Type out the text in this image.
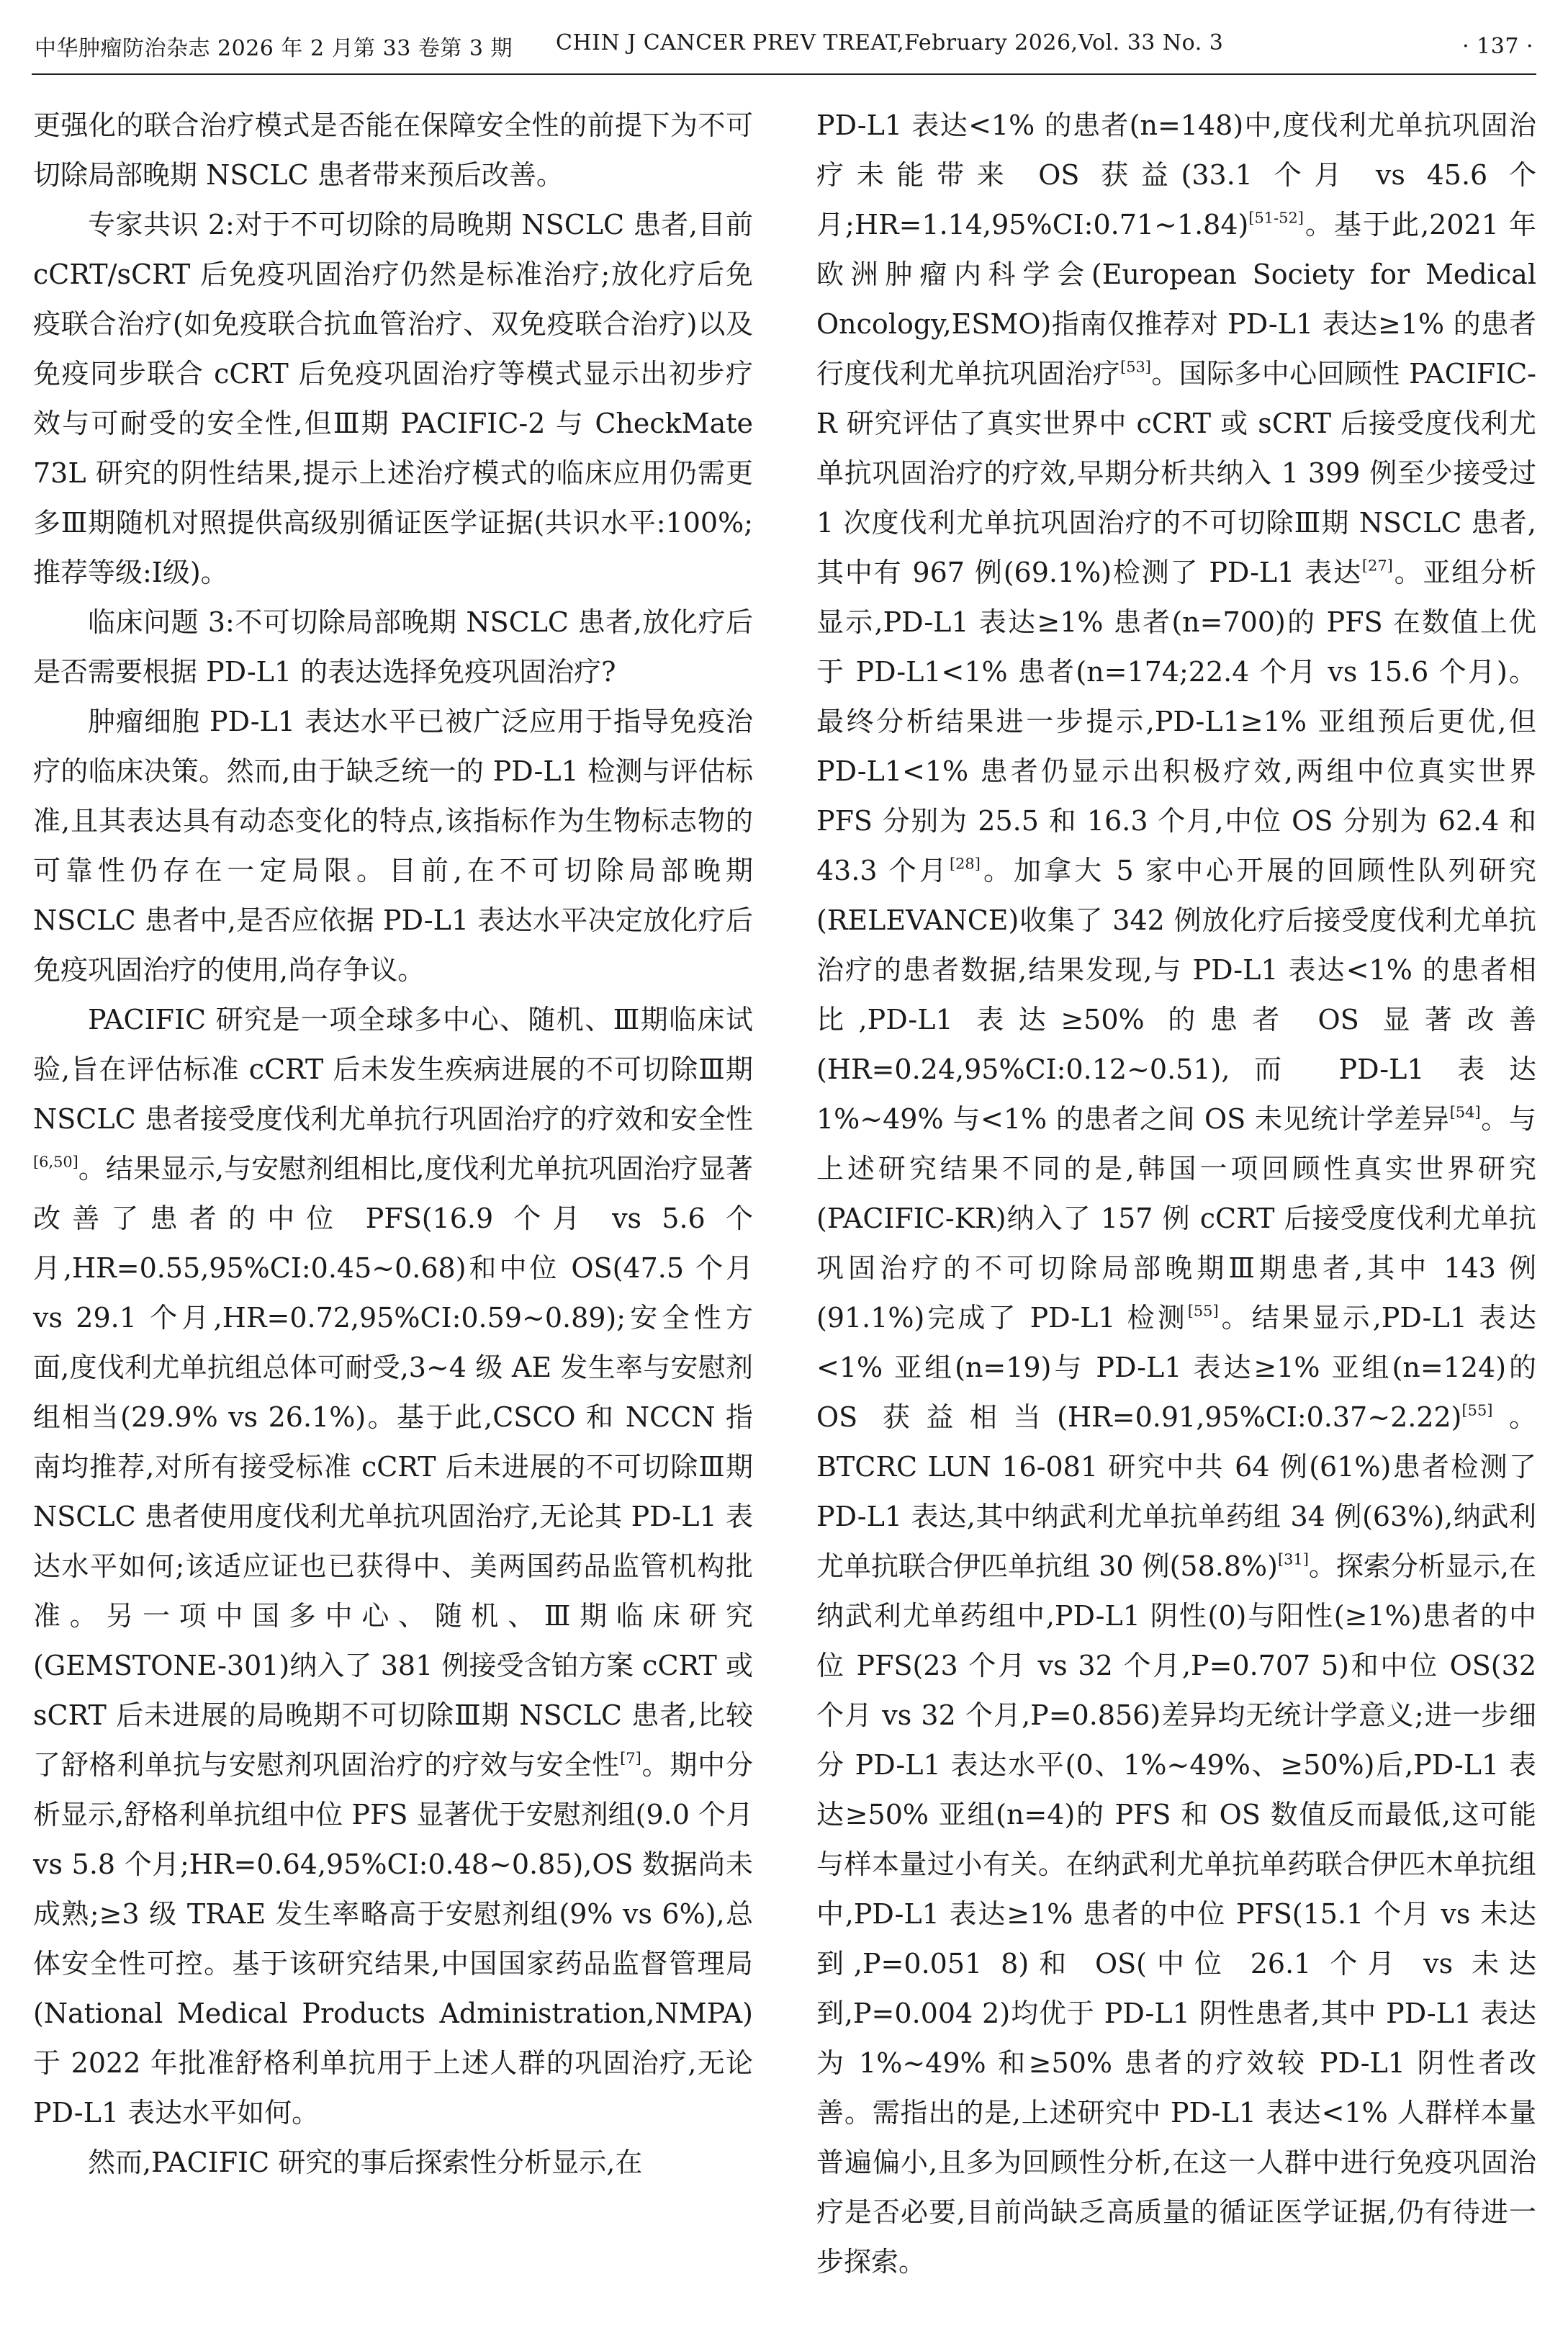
中华肿瘤防治杂志 2026 年 2 月第 33 卷第 3 期 CHIN J CANCER PREV TREAT,February 2026,Vol. 33 No. 3	· 137 ·

更强化的联合治疗模式是否能在保障安全性的前提下为不可切除局部晚期 NSCLC 患者带来预后改善。

专家共识 2:对于不可切除的局晚期 NSCLC 患者,目前 cCRT/sCRT 后免疫巩固治疗仍然是标准治疗;放化疗后免疫联合治疗(如免疫联合抗血管治疗、双免疫联合治疗)以及免疫同步联合 cCRT 后免疫巩固治疗等模式显示出初步疗效与可耐受的安全性,但Ⅲ期 PACIFIC-2 与 CheckMate 73L 研究的阴性结果,提示上述治疗模式的临床应用仍需更多Ⅲ期随机对照提供高级别循证医学证据(共识水平:100%;推荐等级:Ⅰ级)。

临床问题 3:不可切除局部晚期 NSCLC 患者,放化疗后是否需要根据 PD-L1 的表达选择免疫巩固治疗?

肿瘤细胞 PD-L1 表达水平已被广泛应用于指导免疫治疗的临床决策。然而,由于缺乏统一的 PD-L1 检测与评估标准,且其表达具有动态变化的特点,该指标作为生物标志物的可靠性仍存在一定局限。目前,在不可切除局部晚期 NSCLC 患者中,是否应依据 PD-L1 表达水平决定放化疗后免疫巩固治疗的使用,尚存争议。

PACIFIC 研究是一项全球多中心、随机、Ⅲ期临床试验,旨在评估标准 cCRT 后未发生疾病进展的不可切除Ⅲ期 NSCLC 患者接受度伐利尤单抗行巩固治疗的疗效和安全性[6,50]。结果显示,与安慰剂组相比,度伐利尤单抗巩固治疗显著改善了患者的中位 PFS(16.9 个月 vs 5.6 个月,HR=0.55,95%CI:0.45~0.68)和中位 OS(47.5 个月 vs 29.1 个月,HR=0.72,95%CI:0.59~0.89);安全性方面,度伐利尤单抗组总体可耐受,3~4 级 AE 发生率与安慰剂组相当(29.9% vs 26.1%)。基于此,CSCO 和 NCCN 指南均推荐,对所有接受标准 cCRT 后未进展的不可切除Ⅲ期 NSCLC 患者使用度伐利尤单抗巩固治疗,无论其 PD-L1 表达水平如何;该适应证也已获得中、美两国药品监管机构批准。另一项中国多中心、随机、Ⅲ期临床研究(GEMSTONE-301)纳入了 381 例接受含铂方案 cCRT 或 sCRT 后未进展的局晚期不可切除Ⅲ期 NSCLC 患者,比较了舒格利单抗与安慰剂巩固治疗的疗效与安全性[7]。期中分析显示,舒格利单抗组中位 PFS 显著优于安慰剂组(9.0 个月 vs 5.8 个月;HR=0.64,95%CI:0.48~0.85),OS 数据尚未成熟;≥3 级 TRAE 发生率略高于安慰剂组(9% vs 6%),总体安全性可控。基于该研究结果,中国国家药品监督管理局(National Medical Products Administration,NMPA)于 2022 年批准舒格利单抗用于上述人群的巩固治疗,无论 PD-L1 表达水平如何。

然而,PACIFIC 研究的事后探索性分析显示,在

PD-L1 表达<1% 的患者(n=148)中,度伐利尤单抗巩固治疗未能带来 OS 获益(33.1 个月 vs 45.6 个月;HR=1.14,95%CI:0.71~1.84)[51-52]。基于此,2021 年欧洲肿瘤内科学会(European Society for Medical Oncology,ESMO)指南仅推荐对 PD-L1 表达≥1% 的患者行度伐利尤单抗巩固治疗[53]。国际多中心回顾性 PACIFIC-R 研究评估了真实世界中 cCRT 或 sCRT 后接受度伐利尤单抗巩固治疗的疗效,早期分析共纳入 1 399 例至少接受过 1 次度伐利尤单抗巩固治疗的不可切除Ⅲ期 NSCLC 患者,其中有 967 例(69.1%)检测了 PD-L1 表达[27]。亚组分析显示,PD-L1 表达≥1% 患者(n=700)的 PFS 在数值上优于 PD-L1<1% 患者(n=174;22.4 个月 vs 15.6 个月)。最终分析结果进一步提示,PD-L1≥1% 亚组预后更优,但 PD-L1<1% 患者仍显示出积极疗效,两组中位真实世界 PFS 分别为 25.5 和 16.3 个月,中位 OS 分别为 62.4 和 43.3 个月[28]。加拿大 5 家中心开展的回顾性队列研究(RELEVANCE)收集了 342 例放化疗后接受度伐利尤单抗治疗的患者数据,结果发现,与 PD-L1 表达<1% 的患者相比,PD-L1 表达≥50% 的患者 OS 显著改善(HR=0.24,95%CI:0.12~0.51),而 PD-L1 表达 1%~49% 与<1% 的患者之间 OS 未见统计学差异[54]。与上述研究结果不同的是,韩国一项回顾性真实世界研究(PACIFIC-KR)纳入了 157 例 cCRT 后接受度伐利尤单抗巩固治疗的不可切除局部晚期Ⅲ期患者,其中 143 例(91.1%)完成了 PD-L1 检测[55]。结果显示,PD-L1 表达<1% 亚组(n=19)与 PD-L1 表达≥1% 亚组(n=124)的 OS 获益相当(HR=0.91,95%CI:0.37~2.22)[55]。BTCRC LUN 16-081 研究中共 64 例(61%)患者检测了 PD-L1 表达,其中纳武利尤单抗单药组 34 例(63%),纳武利尤单抗联合伊匹单抗组 30 例(58.8%)[31]。探索分析显示,在纳武利尤单药组中,PD-L1 阴性(0)与阳性(≥1%)患者的中位 PFS(23 个月 vs 32 个月,P=0.707 5)和中位 OS(32 个月 vs 32 个月,P=0.856)差异均无统计学意义;进一步细分 PD-L1 表达水平(0、1%~49%、≥50%)后,PD-L1 表达≥50% 亚组(n=4)的 PFS 和 OS 数值反而最低,这可能与样本量过小有关。在纳武利尤单抗单药联合伊匹木单抗组中,PD-L1 表达≥1% 患者的中位 PFS(15.1 个月 vs 未达到,P=0.051 8)和 OS(中位 26.1 个月 vs 未达到,P=0.004 2)均优于 PD-L1 阴性患者,其中 PD-L1 表达为 1%~49% 和≥50% 患者的疗效较 PD-L1 阴性者改善。需指出的是,上述研究中 PD-L1 表达<1% 人群样本量普遍偏小,且多为回顾性分析,在这一人群中进行免疫巩固治疗是否必要,目前尚缺乏高质量的循证医学证据,仍有待进一步探索。
